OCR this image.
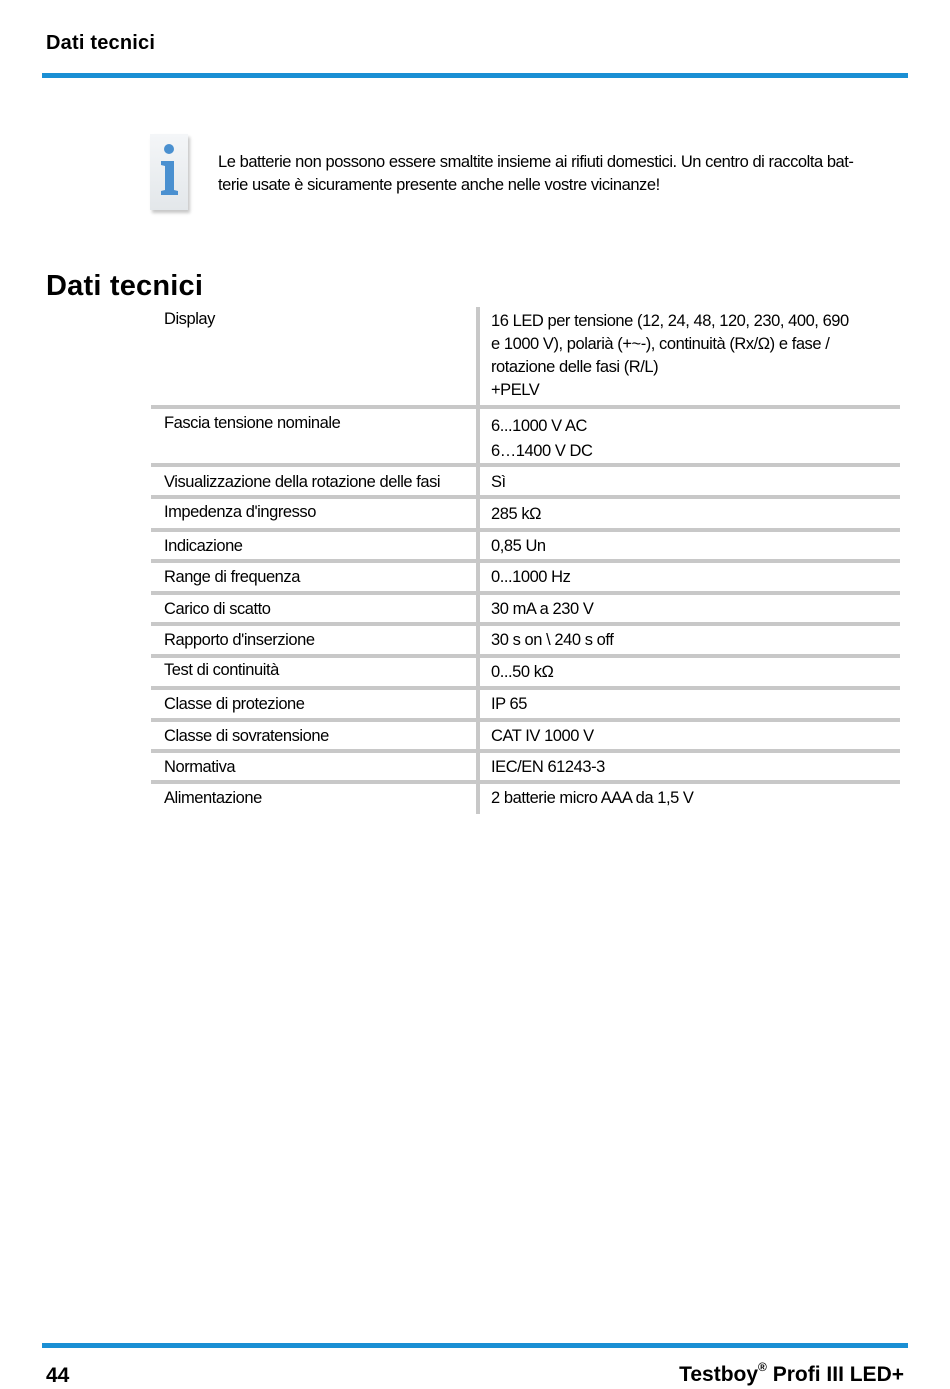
Dati tecnici
Le batterie non possono essere smaltite insieme ai rifiuti domestici. Un centro di raccolta bat-
terie usate è sicuramente presente anche nelle vostre vicinanze!
Dati tecnici
Display	16 LED per tensione (12, 24, 48, 120, 230, 400, 690
e 1000 V), polarià (+~-), continuità (Rx/Ω) e fase /
rotazione delle fasi (R/L)
+PELV
Fascia tensione nominale	6...1000 V AC
6…1400 V DC
Visualizzazione della rotazione delle fasi	Sì
Impedenza d'ingresso	285 kΩ
Indicazione	0,85 Un
Range di frequenza	0...1000 Hz
Carico di scatto	30 mA a 230 V
Rapporto d'inserzione	30 s on \ 240 s off
Test di continuità	0...50 kΩ
Classe di protezione	IP 65
Classe di sovratensione	CAT IV 1000 V
Normativa	IEC/EN 61243-3
Alimentazione	2 batterie micro AAA da 1,5 V
44	Testboy® Profi III LED+
